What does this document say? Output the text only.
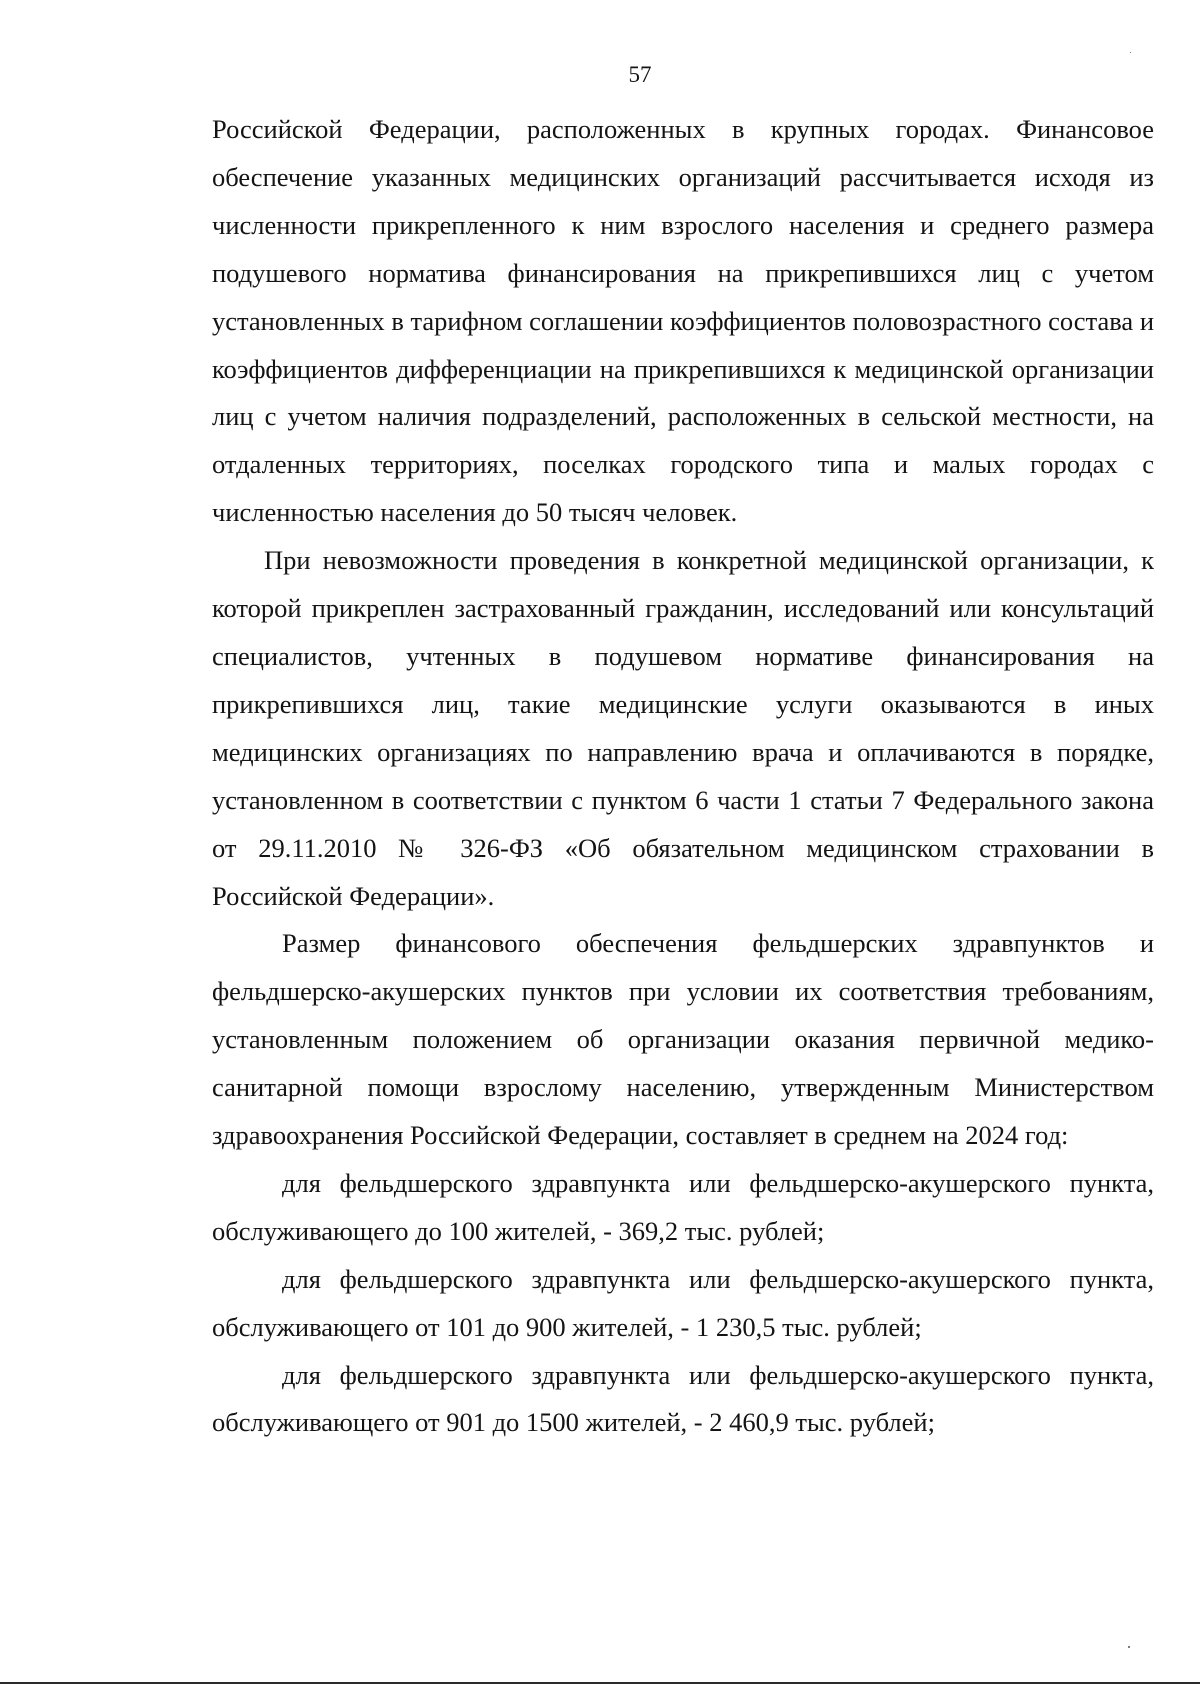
57

Российской Федерации, расположенных в крупных городах. Финансовое обеспечение указанных медицинских организаций рассчитывается исходя из численности прикрепленного к ним взрослого населения и среднего размера подушевого норматива финансирования на прикрепившихся лиц с учетом установленных в тарифном соглашении коэффициентов половозрастного состава и коэффициентов дифференциации на прикрепившихся к медицинской организации лиц с учетом наличия подразделений, расположенных в сельской местности, на отдаленных территориях, поселках городского типа и малых городах с численностью населения до 50 тысяч человек.

При невозможности проведения в конкретной медицинской организации, к которой прикреплен застрахованный гражданин, исследований или консультаций специалистов, учтенных в подушевом нормативе финансирования на прикрепившихся лиц, такие медицинские услуги оказываются в иных медицинских организациях по направлению врача и оплачиваются в порядке, установленном в соответствии с пунктом 6 части 1 статьи 7 Федерального закона от 29.11.2010 № 326-ФЗ «Об обязательном медицинском страховании в Российской Федерации».

Размер финансового обеспечения фельдшерских здравпунктов и фельдшерско-акушерских пунктов при условии их соответствия требованиям, установленным положением об организации оказания первичной медико-санитарной помощи взрослому населению, утвержденным Министерством здравоохранения Российской Федерации, составляет в среднем на 2024 год:

для фельдшерского здравпункта или фельдшерско-акушерского пункта, обслуживающего до 100 жителей, - 369,2 тыс. рублей;

для фельдшерского здравпункта или фельдшерско-акушерского пункта, обслуживающего от 101 до 900 жителей, - 1 230,5 тыс. рублей;

для фельдшерского здравпункта или фельдшерско-акушерского пункта, обслуживающего от 901 до 1500 жителей, - 2 460,9 тыс. рублей;
